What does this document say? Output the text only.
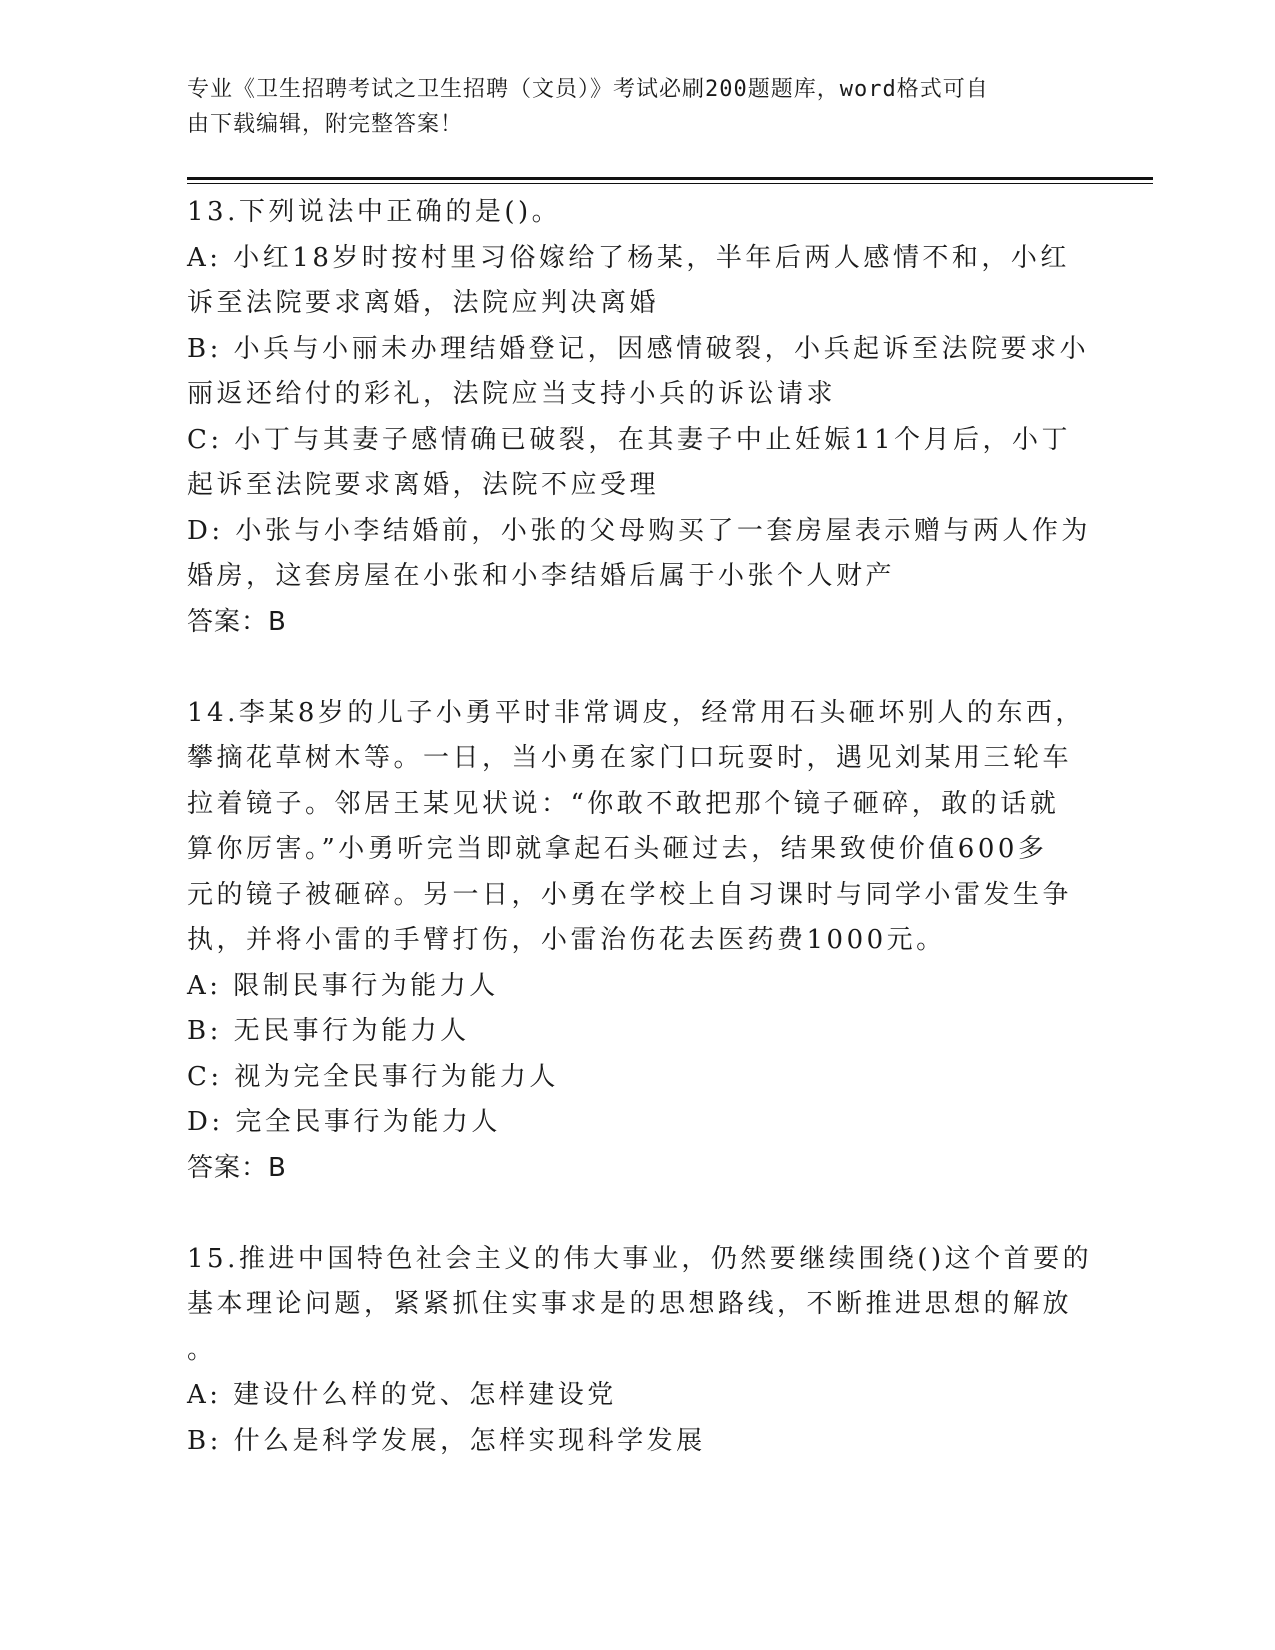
专业《卫生招聘考试之卫生招聘（文员）》考试必刷200题题库，word格式可自
由下载编辑，附完整答案！
13.下列说法中正确的是()。
A: 小红18岁时按村里习俗嫁给了杨某，半年后两人感情不和，小红
诉至法院要求离婚，法院应判决离婚
B: 小兵与小丽未办理结婚登记，因感情破裂，小兵起诉至法院要求小
丽返还给付的彩礼，法院应当支持小兵的诉讼请求
C: 小丁与其妻子感情确已破裂，在其妻子中止妊娠11个月后，小丁
起诉至法院要求离婚，法院不应受理
D: 小张与小李结婚前，小张的父母购买了一套房屋表示赠与两人作为
婚房，这套房屋在小张和小李结婚后属于小张个人财产
答案：B
14.李某8岁的儿子小勇平时非常调皮，经常用石头砸坏别人的东西，
攀摘花草树木等。一日，当小勇在家门口玩耍时，遇见刘某用三轮车
拉着镜子。邻居王某见状说：“你敢不敢把那个镜子砸碎，敢的话就
算你厉害。”小勇听完当即就拿起石头砸过去，结果致使价值600多
元的镜子被砸碎。另一日，小勇在学校上自习课时与同学小雷发生争
执，并将小雷的手臂打伤，小雷治伤花去医药费1000元。
A: 限制民事行为能力人
B: 无民事行为能力人
C: 视为完全民事行为能力人
D: 完全民事行为能力人
答案：B
15.推进中国特色社会主义的伟大事业，仍然要继续围绕()这个首要的
基本理论问题，紧紧抓住实事求是的思想路线，不断推进思想的解放
。
A: 建设什么样的党、怎样建设党
B: 什么是科学发展，怎样实现科学发展
